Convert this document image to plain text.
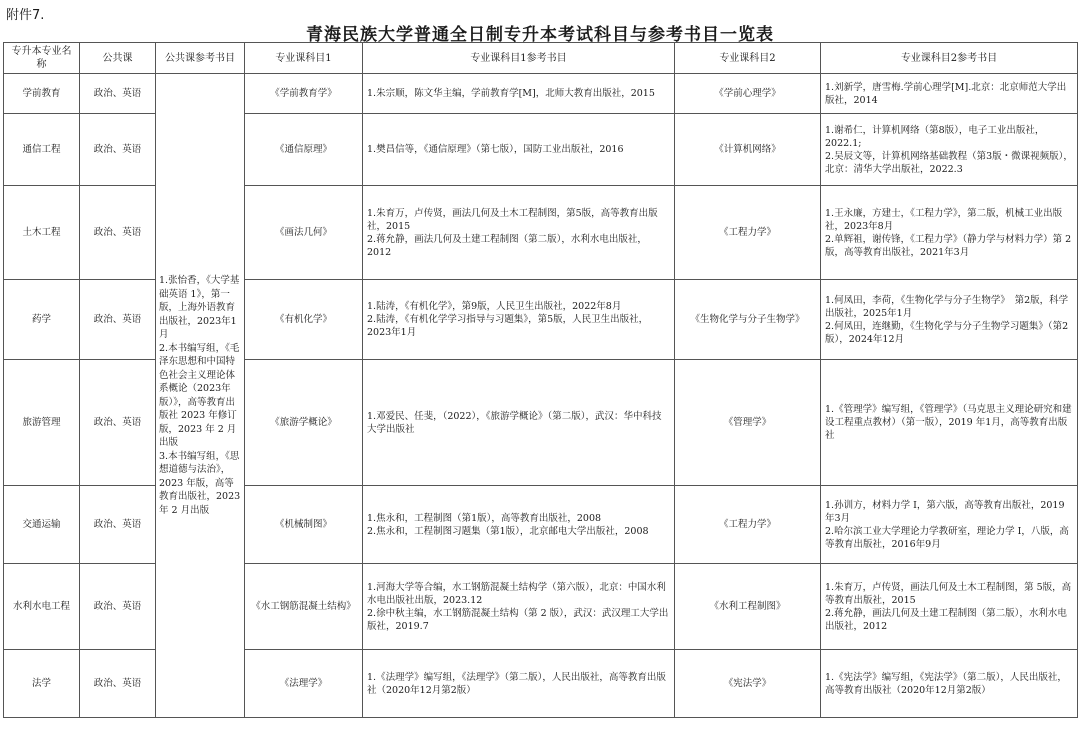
附件7.
青海民族大学普通全日制专升本考试科目与参考书目一览表
专升本专业名称	公共课	公共课参考书目	专业课科目1	专业课科目1参考书目	专业课科目2	专业课科目2参考书目
学前教育	政治、英语	1.张怡香，《大学基础英语 1》，第一版，上海外语教育出版社，2023年1月
2.本书编写组，《毛泽东思想和中国特色社会主义理论体系概论（2023年版）》，高等教育出版社 2023 年修订版，2023 年 2 月出版
3.本书编写组，《思想道德与法治》，2023 年版，高等教育出版社，2023 年 2 月出版	《学前教育学》	1.朱宗顺，陈文华主编，学前教育学[M]，北师大教育出版社，2015	《学前心理学》	1.刘新学，唐雪梅.学前心理学[M].北京：北京师范大学出版社，2014
通信工程	政治、英语		《通信原理》	1.樊昌信等，《通信原理》（第七版），国防工业出版社，2016	《计算机网络》	1.谢希仁，计算机网络（第8版），电子工业出版社，2022.1;
2.吴辰文等，计算机网络基础教程（第3版・微课视频版），北京：清华大学出版社，2022.3
土木工程	政治、英语		《画法几何》	1.朱育万，卢传贤，画法几何及土木工程制图，第5版，高等教育出版社，2015
2.蒋允静，画法几何及土建工程制图（第二版），水利水电出版社，2012	《工程力学》	1.王永廉，方建士，《工程力学》，第二版，机械工业出版社，2023年8月
2.单辉祖，谢传锋，《工程力学》（静力学与材料力学）第 2 版，高等教育出版社，2021年3月
药学	政治、英语		《有机化学》	1.陆涛，《有机化学》，第9版，人民卫生出版社，2022年8月
2.陆涛，《有机化学学习指导与习题集》，第5版，人民卫生出版社，2023年1月	《生物化学与分子生物学》	1.何凤田，李荷，《生物化学与分子生物学》　第2版，科学出版社，2025年1月
2.何凤田，连继勤，《生物化学与分子生物学习题集》（第2版），2024年12月
旅游管理	政治、英语		《旅游学概论》	1.邓爱民、任斐，（2022），《旅游学概论》（第二版），武汉：华中科技大学出版社	《管理学》	1.《管理学》编写组，《管理学》（马克思主义理论研究和建设工程重点教材）（第一版），2019 年1月，高等教育出版社
交通运输	政治、英语		《机械制图》	1.焦永和，工程制图（第1版），高等教育出版社，2008
2.焦永和，工程制图习题集（第1版），北京邮电大学出版社，2008	《工程力学》	1.孙训方，材料力学 I，第六版，高等教育出版社，2019年3月
2.哈尔滨工业大学理论力学教研室，理论力学 I，八版，高等教育出版社，2016年9月
水利水电工程	政治、英语		《水工钢筋混凝土结构》	1.河海大学等合编，水工钢筋混凝土结构学（第六版），北京：中国水利水电出版社出版，2023.12
2.徐中秋主编，水工钢筋混凝土结构（第 2 版），武汉：武汉理工大学出版社，2019.7	《水利工程制图》	1.朱育万，卢传贤，画法几何及土木工程制图，第 5版，高等教育出版社，2015
2.蒋允静，画法几何及土建工程制图（第二版），水利水电出版社，2012
法学	政治、英语		《法理学》	1.《法理学》编写组，《法理学》（第二版），人民出版社，高等教育出版社（2020年12月第2版）	《宪法学》	1.《宪法学》编写组，《宪法学》（第二版），人民出版社，高等教育出版社（2020年12月第2版）
